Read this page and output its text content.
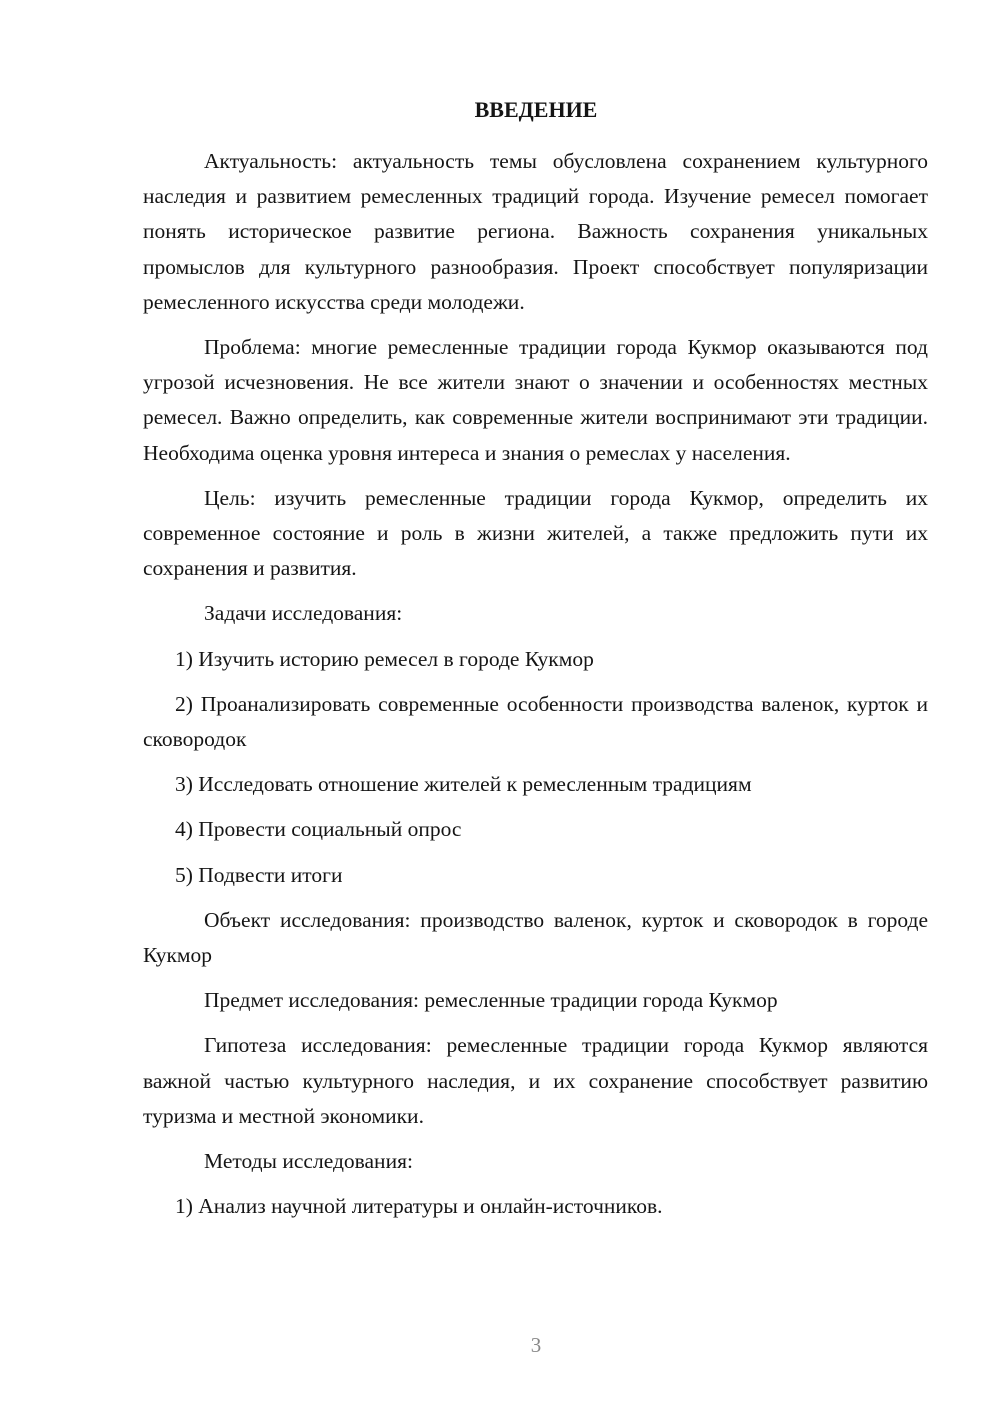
ВВЕДЕНИЕ

Актуальность: актуальность темы обусловлена сохранением культурного наследия и развитием ремесленных традиций города. Изучение ремесел помогает понять историческое развитие региона. Важность сохранения уникальных промыслов для культурного разнообразия. Проект способствует популяризации ремесленного искусства среди молодежи.

Проблема: многие ремесленные традиции города Кукмор оказываются под угрозой исчезновения. Не все жители знают о значении и особенностях местных ремесел. Важно определить, как современные жители воспринимают эти традиции. Необходима оценка уровня интереса и знания о ремеслах у населения.

Цель: изучить ремесленные традиции города Кукмор, определить их современное состояние и роль в жизни жителей, а также предложить пути их сохранения и развития.

Задачи исследования:

1) Изучить историю ремесел в городе Кукмор

2) Проанализировать современные особенности производства валенок, курток и сковородок

3) Исследовать отношение жителей к ремесленным традициям

4) Провести социальный опрос

5) Подвести итоги

Объект исследования: производство валенок, курток и сковородок в городе Кукмор

Предмет исследования: ремесленные традиции города Кукмор

Гипотеза исследования: ремесленные традиции города Кукмор являются важной частью культурного наследия, и их сохранение способствует развитию туризма и местной экономики.

Методы исследования:

1) Анализ научной литературы и онлайн-источников.

3
